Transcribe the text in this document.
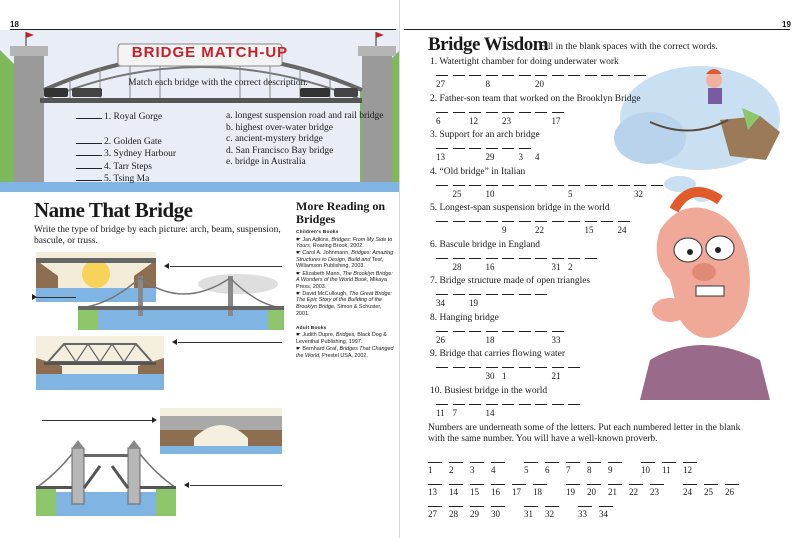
18
BRIDGE MATCH-UP
Match each bridge with the correct description.
1. Royal Gorge
2. Golden Gate
3. Sydney Harbour
4. Tarr Steps
5. Tsing Ma
a. longest suspension road and rail bridge
b. highest over-water bridge
c. ancient-mystery bridge
d. San Francisco Bay bridge
e. bridge in Australia
Name That Bridge
Write the type of bridge by each picture: arch, beam, suspension, bascule, or truss.
More Reading on Bridges
Children's Books
☛ Jan Adkins, Bridges: From My Side to Yours, Roaring Brook, 2002.
☛ Carol A. Johnmann, Bridges: Amazing Structures to Design, Build and Test, Williamson Publishing, 2003.
☛ Elizabeth Mann, The Brooklyn Bridge: A Wonders of the World Book, Mikaya Press, 2003.
☛ David McCullough, The Great Bridge: The Epic Story of the Building of the Brooklyn Bridge, Simon & Schuster, 2001.
Adult Books
☛ Judith Dupre, Bridges, Black Dog & Leventhal Publishing, 1997.
☛ Bernhard Graf, Bridges That Changed the World, Prestel USA, 2002.
19
Bridge Wisdom
Fill in the blank spaces with the correct words.
1. Watertight chamber for doing underwater work
27	8	20
2. Father-son team that worked on the Brooklyn Bridge
6	12	23	17
3. Support for an arch bridge
13	29	3	4
4. “Old bridge” in Italian
25	10	5	32
5. Longest-span suspension bridge in the world
9	22	15	24
6. Bascule bridge in England
28	16	31 2
7. Bridge structure made of open triangles
34	19
8. Hanging bridge
26	18	33
9. Bridge that carries flowing water
30 1	21
10. Busiest bridge in the world
11 7	14
Numbers are underneath some of the letters. Put each numbered letter in the blank with the same number. You will have a well-known proverb.
1 2 3 4	5 6 7 8 9	10 11 12
13 14 15 16 17 18	19 20 21 22 23	24 25 26
27 28 29 30	31 32	33 34
